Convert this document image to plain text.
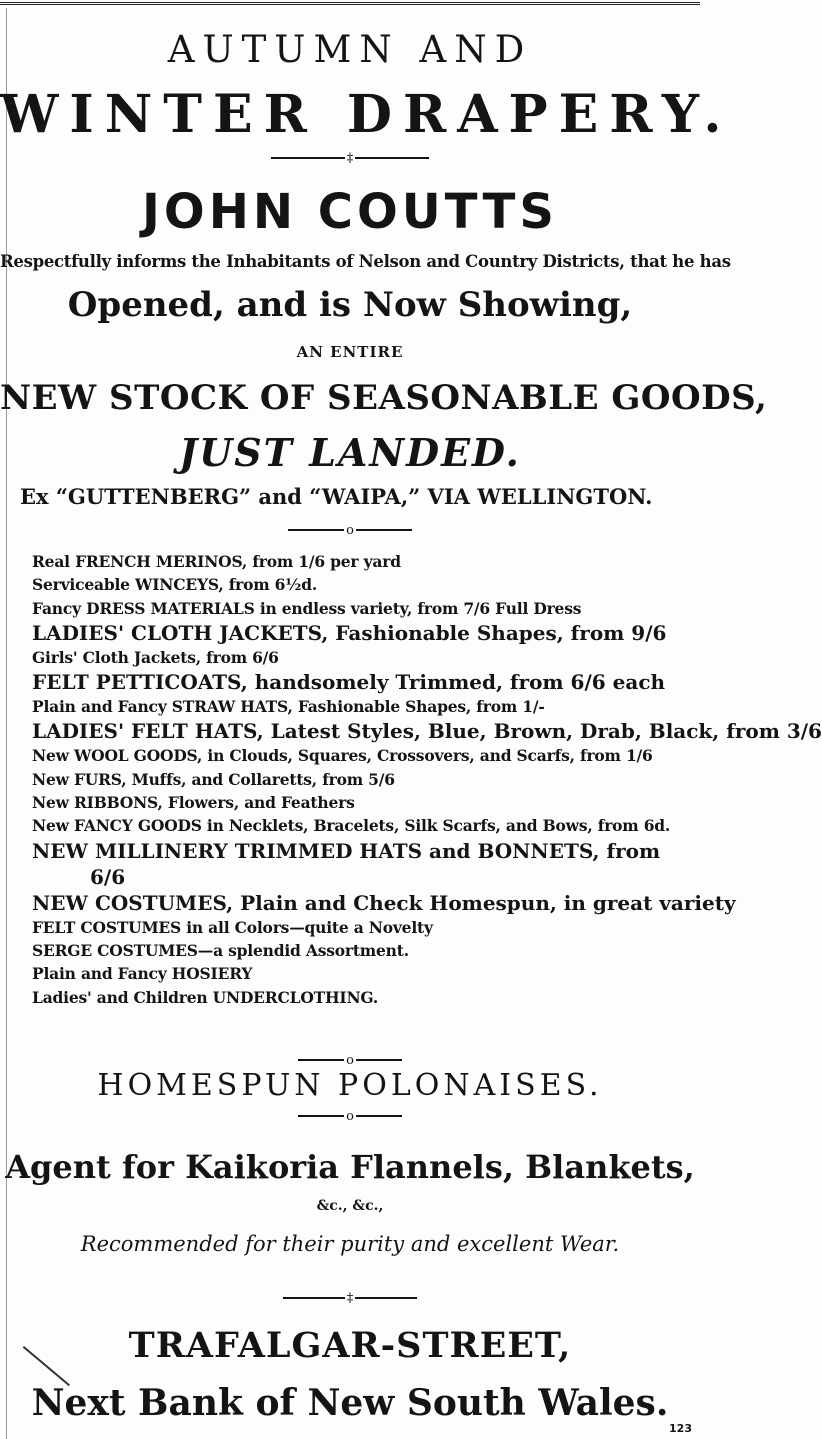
AUTUMN AND
WINTER DRAPERY.
‡
JOHN COUTTS
Respectfully informs the Inhabitants of Nelson and Country Districts, that he has
Opened, and is Now Showing,
AN ENTIRE
NEW STOCK OF SEASONABLE GOODS,
JUST LANDED.
Ex “GUTTENBERG” and “WAIPA,” VIA WELLINGTON.
o
Real FRENCH MERINOS, from 1/6 per yard
Serviceable WINCEYS, from 6½d.
Fancy DRESS MATERIALS in endless variety, from 7/6 Full Dress
LADIES' CLOTH JACKETS, Fashionable Shapes, from 9/6
Girls' Cloth Jackets, from 6/6
FELT PETTICOATS, handsomely Trimmed, from 6/6 each
Plain and Fancy STRAW HATS, Fashionable Shapes, from 1/-
LADIES' FELT HATS, Latest Styles, Blue, Brown, Drab, Black, from 3/6
New WOOL GOODS, in Clouds, Squares, Crossovers, and Scarfs, from 1/6
New FURS, Muffs, and Collaretts, from 5/6
New RIBBONS, Flowers, and Feathers
New FANCY GOODS in Necklets, Bracelets, Silk Scarfs, and Bows, from 6d.
NEW MILLINERY TRIMMED HATS and BONNETS, from
6/6
NEW COSTUMES, Plain and Check Homespun, in great variety
FELT COSTUMES in all Colors—quite a Novelty
SERGE COSTUMES—a splendid Assortment.
Plain and Fancy HOSIERY
Ladies' and Children UNDERCLOTHING.
o
HOMESPUN POLONAISES.
o
Agent for Kaikoria Flannels, Blankets,
&c., &c.,
Recommended for their purity and excellent Wear.
‡
TRAFALGAR-STREET,
Next Bank of New South Wales.
123
